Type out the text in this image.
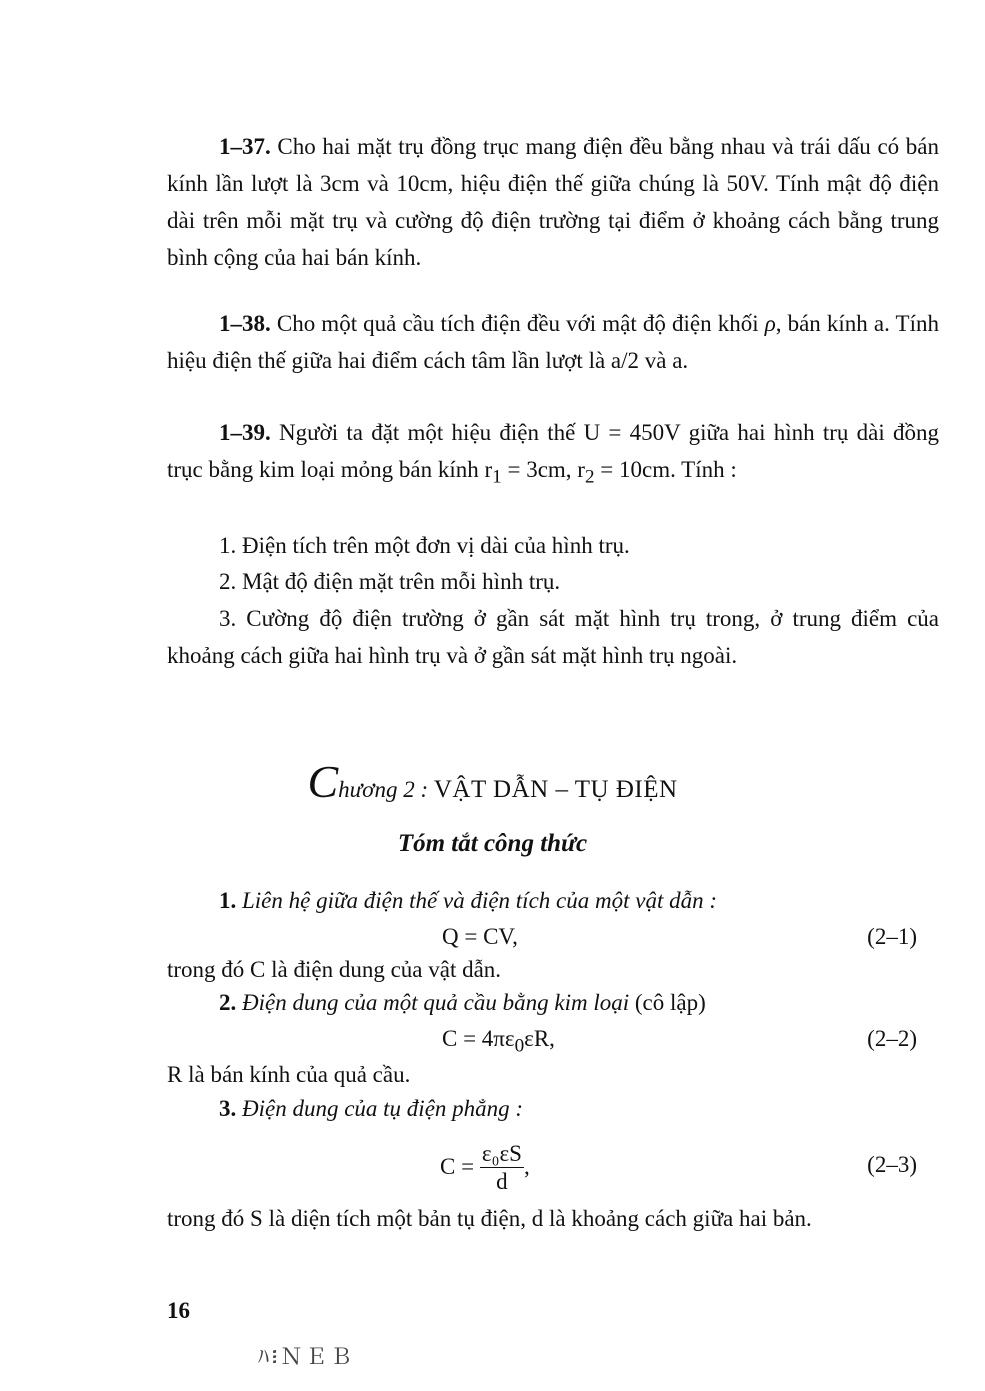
1–37. Cho hai mặt trụ đồng trục mang điện đều bằng nhau và trái dấu có bán kính lần lượt là 3cm và 10cm, hiệu điện thế giữa chúng là 50V. Tính mật độ điện dài trên mỗi mặt trụ và cường độ điện trường tại điểm ở khoảng cách bằng trung bình cộng của hai bán kính.

1–38. Cho một quả cầu tích điện đều với mật độ điện khối ρ, bán kính a. Tính hiệu điện thế giữa hai điểm cách tâm lần lượt là a/2 và a.

1–39. Người ta đặt một hiệu điện thế U = 450V giữa hai hình trụ dài đồng trục bằng kim loại mỏng bán kính $r_1 = 3cm$, $r_2 = 10cm$. Tính :

1. Điện tích trên một đơn vị dài của hình trụ.

2. Mật độ điện mặt trên mỗi hình trụ.

3. Cường độ điện trường ở gần sát mặt hình trụ trong, ở trung điểm của khoảng cách giữa hai hình trụ và ở gần sát mặt hình trụ ngoài.

Chương 2 : VẬT DẪN – TỤ ĐIỆN
Tóm tắt công thức

1. Liên hệ giữa điện thế và điện tích của một vật dẫn :

Q = CV,	(2–1)

trong đó C là điện dung của vật dẫn.

2. Điện dung của một quả cầu bằng kim loại (cô lập)

$C = 4\pi\varepsilon_0\varepsilon R$,	(2–2)

R là bán kính của quả cầu.

3. Điện dung của tụ điện phẳng :

$C = \frac{\text{ε₀εS}}{d}$ ,	(2–3)

trong đó S là diện tích một bản tụ điện, d là khoảng cách giữa hai bản.

16
ﾊ፧ＮＥＢ
